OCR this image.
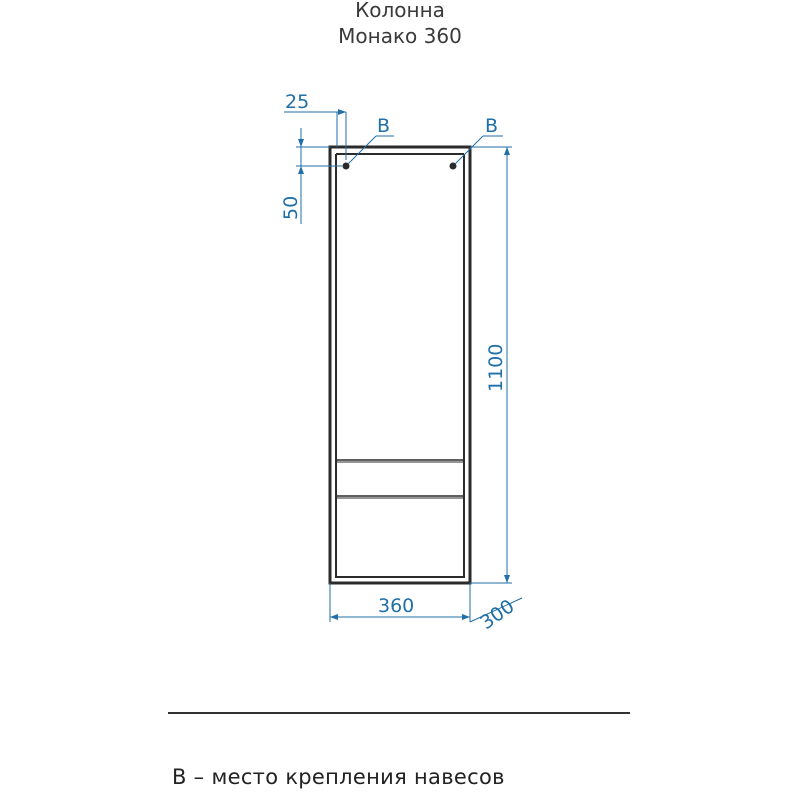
Колонна
Монако 360
25
50
B	B
1100
360	300
B – место крепления навесов
